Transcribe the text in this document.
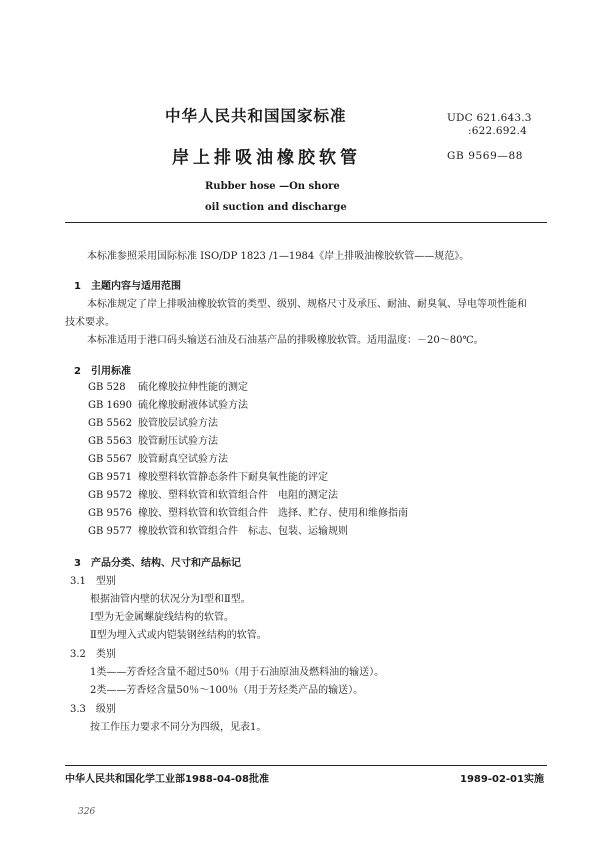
中华人民共和国国家标准	UDC 621.643.3
:622.692.4
岸上排吸油橡胶软管	GB 9569—88
Rubber hose —On shore
oil suction and discharge
本标准参照采用国际标准 ISO/DP 1823 /1—1984《岸上排吸油橡胶软管——规范》。
1　主题内容与适用范围
本标准规定了岸上排吸油橡胶软管的类型、级别、规格尺寸及承压、耐油、耐臭氧、导电等项性能和
技术要求。
本标准适用于港口码头输送石油及石油基产品的排吸橡胶软管。适用温度：－20～80℃。
2　引用标准
GB 528 硫化橡胶拉伸性能的测定
GB 1690 硫化橡胶耐液体试验方法
GB 5562 胶管胶层试验方法
GB 5563 胶管耐压试验方法
GB 5567 胶管耐真空试验方法
GB 9571 橡胶塑料软管静态条件下耐臭氧性能的评定
GB 9572 橡胶、塑料软管和软管组合件　电阻的测定法
GB 9576 橡胶、塑料软管和软管组合件　选择、贮存、使用和维修指南
GB 9577 橡胶软管和软管组合件　标志、包装、运输规则
3　产品分类、结构、尺寸和产品标记
3.1　型别
根据油管内壁的状况分为Ⅰ型和Ⅱ型。
Ⅰ型为无金属螺旋线结构的软管。
Ⅱ型为埋入式或内铠装钢丝结构的软管。
3.2　类别
1类——芳香烃含量不超过50％（用于石油原油及燃料油的输送）。
2类——芳香烃含量50％～100％（用于芳烃类产品的输送）。
3.3　级别
按工作压力要求不同分为四级，见表1。
中华人民共和国化学工业部1988-04-08批准	1989-02-01实施
326
